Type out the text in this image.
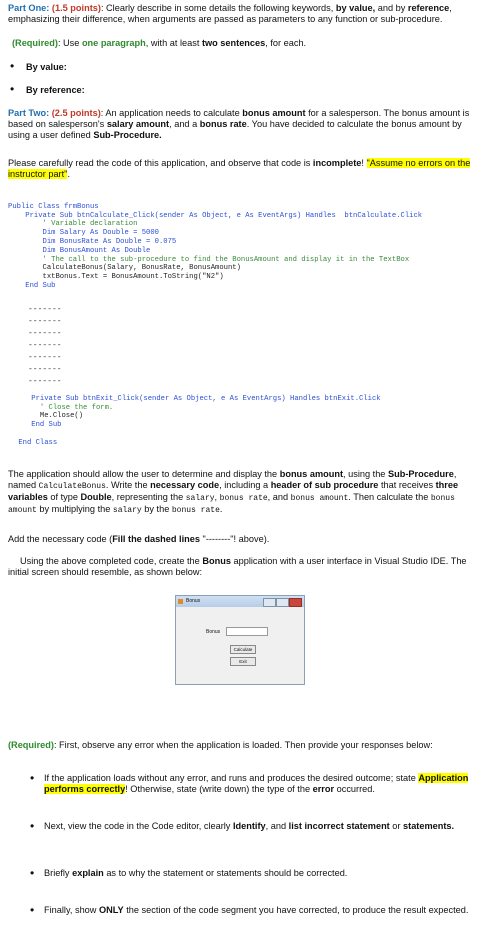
Part One: (1.5 points): Clearly describe in some details the following keywords, by value, and by reference, emphasizing their difference, when arguments are passed as parameters to any function or sub-procedure.
(Required): Use one paragraph, with at least two sentences, for each.
• By value:
• By reference:
Part Two: (2.5 points): An application needs to calculate bonus amount for a salesperson. The bonus amount is based on salesperson's salary amount, and a bonus rate. You have decided to calculate the bonus amount by using a user defined Sub-Procedure.
Please carefully read the code of this application, and observe that code is incomplete! "Assume no errors on the instructor part".

Public Class frmBonus
Private Sub btnCalculate_Click(sender As Object, e As EventArgs) Handles  btnCalculate.Click
' Variable declaration
Dim Salary As Double = 5000
Dim BonusRate As Double = 0.075
Dim BonusAmount As Double
' The call to the sub-procedure to find the BonusAmount and display it in the TextBox
CalculateBonus(Salary, BonusRate, BonusAmount)
txtBonus.Text = BonusAmount.ToString("N2")
End Sub

-------
-------
-------
-------
-------
-------
-------

Private Sub btnExit_Click(sender As Object, e As EventArgs) Handles btnExit.Click
' Close the form.
Me.Close()
End Sub

End Class

The application should allow the user to determine and display the bonus amount, using the Sub-Procedure, named CalculateBonus. Write the necessary code, including a header of sub procedure that receives three variables of type Double, representing the salary, bonus rate, and bonus amount. Then calculate the bonus amount by multiplying the salary by the bonus rate.
Add the necessary code (Fill the dashed lines "--------"! above).
Using the above completed code, create the Bonus application with a user interface in Visual Studio IDE. The initial screen should resemble, as shown below:
Bonus
Bonus
Calculate
Exit
(Required): First, observe any error when the application is loaded. Then provide your responses below:
• If the application loads without any error, and runs and produces the desired outcome; state Application performs correctly! Otherwise, state (write down) the type of the error occurred.
• Next, view the code in the Code editor, clearly Identify, and list incorrect statement or statements.
• Briefly explain as to why the statement or statements should be corrected.
• Finally, show ONLY the section of the code segment you have corrected, to produce the result expected.
